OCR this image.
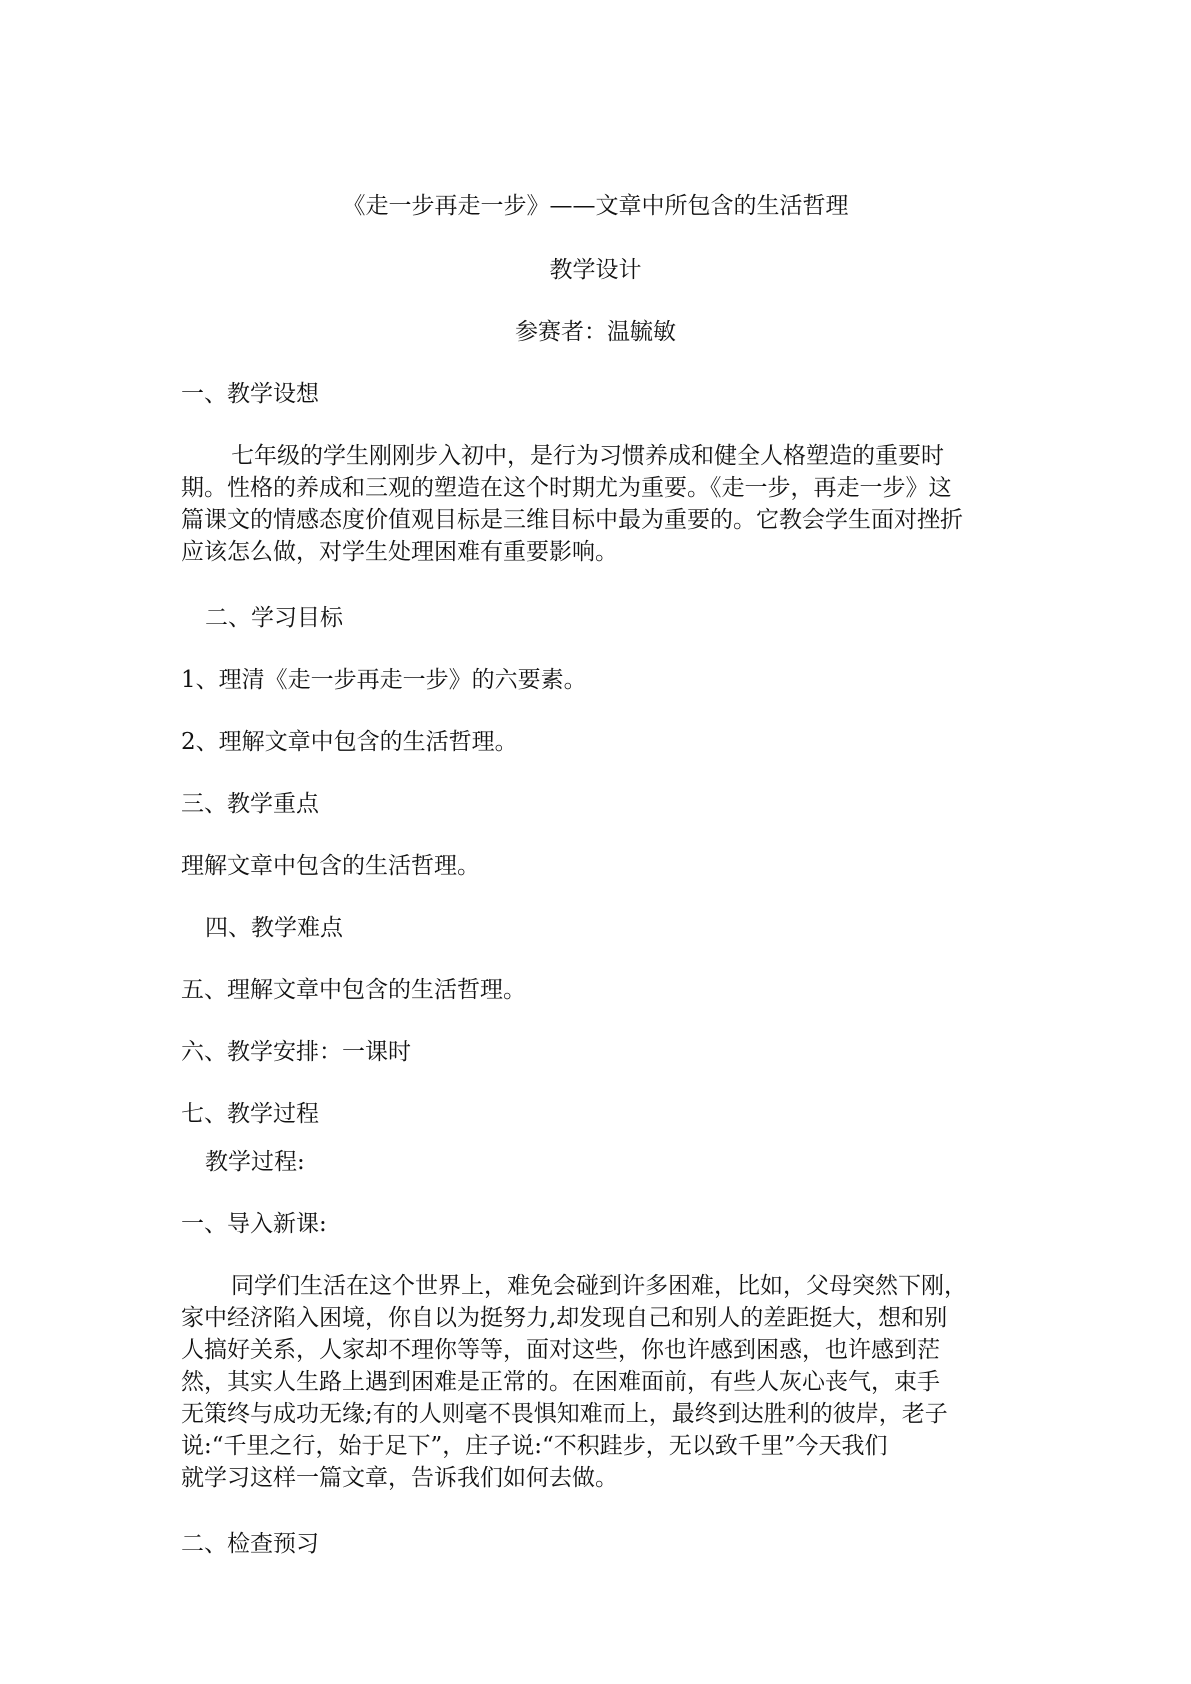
《走一步再走一步》——文章中所包含的生活哲理

教学设计

参赛者：温毓敏

一、教学设想

七年级的学生刚刚步入初中，是行为习惯养成和健全人格塑造的重要时
期。性格的养成和三观的塑造在这个时期尤为重要。《走一步，再走一步》这
篇课文的情感态度价值观目标是三维目标中最为重要的。它教会学生面对挫折
应该怎么做，对学生处理困难有重要影响。

二、学习目标

1、理清《走一步再走一步》的六要素。

2、理解文章中包含的生活哲理。

三、教学重点

理解文章中包含的生活哲理。

四、教学难点

五、理解文章中包含的生活哲理。

六、教学安排：一课时

七、教学过程

教学过程:

一、导入新课:

同学们生活在这个世界上，难免会碰到许多困难，比如，父母突然下刚，
家中经济陷入困境，你自以为挺努力,却发现自己和别人的差距挺大，想和别
人搞好关系，人家却不理你等等，面对这些，你也许感到困惑，也许感到茫
然，其实人生路上遇到困难是正常的。在困难面前，有些人灰心丧气，束手
无策终与成功无缘;有的人则毫不畏惧知难而上，最终到达胜利的彼岸，老子
说:“千里之行，始于足下”，庄子说:“不积跬步，无以致千里”今天我们
就学习这样一篇文章，告诉我们如何去做。

二、检查预习
